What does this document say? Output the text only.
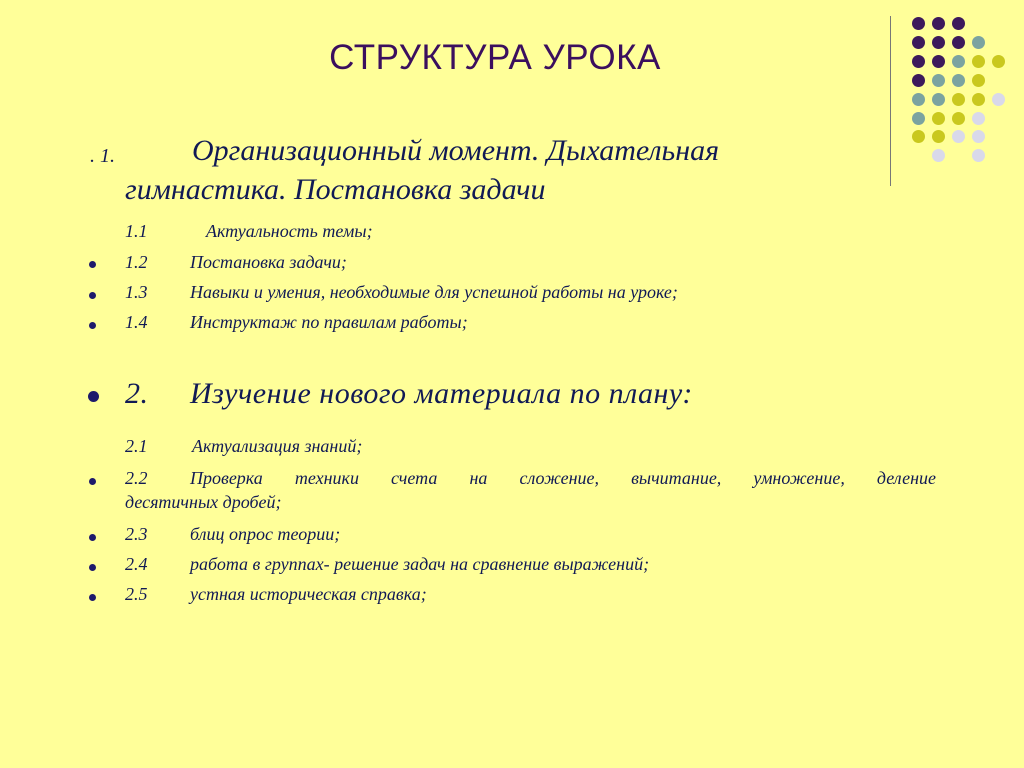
СТРУКТУРА УРОКА
. 1.	Организационный момент. Дыхательная
гимнастика. Постановка задачи
1.1	Актуальность темы;
1.2 Постановка задачи;
1.3 Навыки и умения, необходимые для успешной работы на уроке;
1.4 Инструктаж по правилам работы;
2. Изучение нового материала по плану:
2.1 Актуализация знаний;
2.2 Проверка техники счета на сложение, вычитание, умножение, деление
десятичных дробей;
2.3 блиц опрос теории;
2.4 работа в группах- решение задач на сравнение выражений;
2.5 устная историческая справка;
